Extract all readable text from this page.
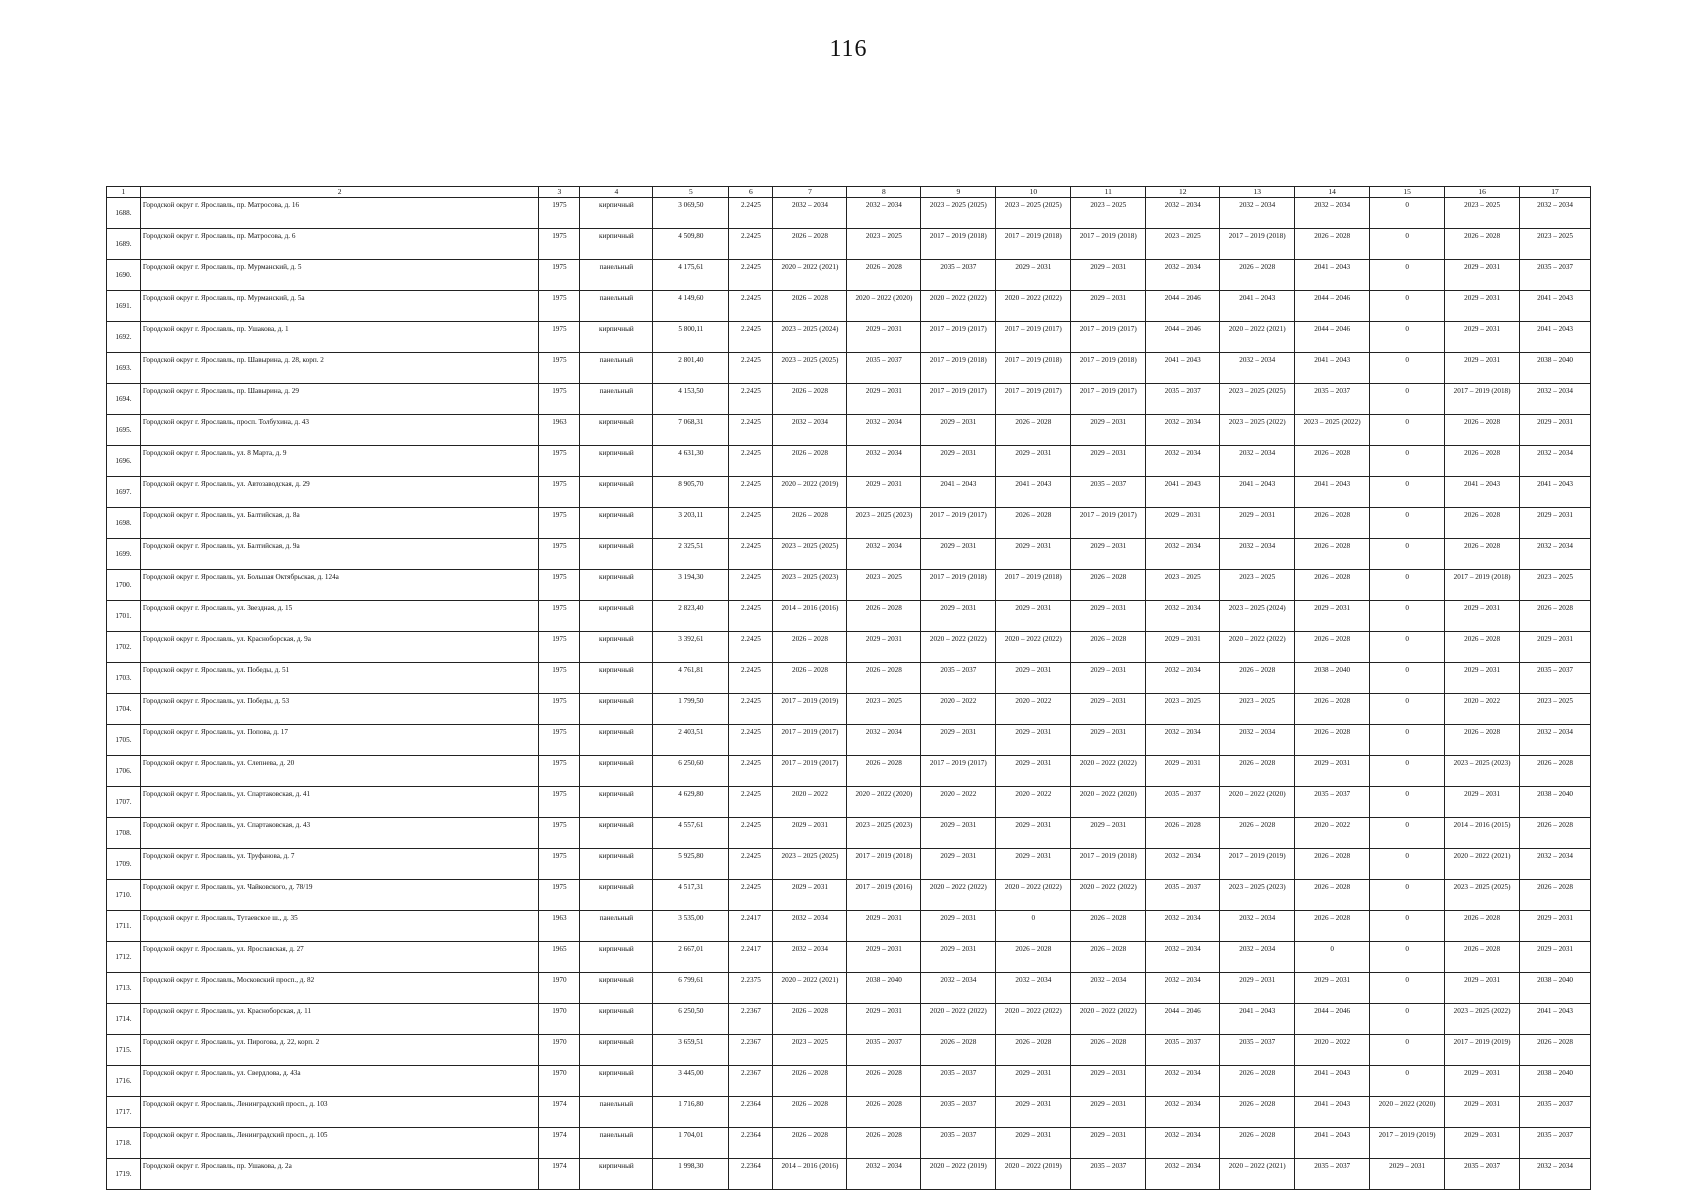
116
1	2	3	4	5	6	7	8	9	10	11	12	13	14	15	16	17
1688.	Городской округ г. Ярославль, пр. Матросова, д. 16	1975	кирпичный	3 069,50	2.2425	2032 – 2034	2032 – 2034	2023 – 2025 (2025)	2023 – 2025 (2025)	2023 – 2025	2032 – 2034	2032 – 2034	2032 – 2034	0	2023 – 2025	2032 – 2034
1689.	Городской округ г. Ярославль, пр. Матросова, д. 6	1975	кирпичный	4 509,80	2.2425	2026 – 2028	2023 – 2025	2017 – 2019 (2018)	2017 – 2019 (2018)	2017 – 2019 (2018)	2023 – 2025	2017 – 2019 (2018)	2026 – 2028	0	2026 – 2028	2023 – 2025
1690.	Городской округ г. Ярославль, пр. Мурманский, д. 5	1975	панельный	4 175,61	2.2425	2020 – 2022 (2021)	2026 – 2028	2035 – 2037	2029 – 2031	2029 – 2031	2032 – 2034	2026 – 2028	2041 – 2043	0	2029 – 2031	2035 – 2037
1691.	Городской округ г. Ярославль, пр. Мурманский, д. 5а	1975	панельный	4 149,60	2.2425	2026 – 2028	2020 – 2022 (2020)	2020 – 2022 (2022)	2020 – 2022 (2022)	2029 – 2031	2044 – 2046	2041 – 2043	2044 – 2046	0	2029 – 2031	2041 – 2043
1692.	Городской округ г. Ярославль, пр. Ушакова, д. 1	1975	кирпичный	5 800,11	2.2425	2023 – 2025 (2024)	2029 – 2031	2017 – 2019 (2017)	2017 – 2019 (2017)	2017 – 2019 (2017)	2044 – 2046	2020 – 2022 (2021)	2044 – 2046	0	2029 – 2031	2041 – 2043
1693.	Городской округ г. Ярославль, пр. Шавырина, д. 28, корп. 2	1975	панельный	2 801,40	2.2425	2023 – 2025 (2025)	2035 – 2037	2017 – 2019 (2018)	2017 – 2019 (2018)	2017 – 2019 (2018)	2041 – 2043	2032 – 2034	2041 – 2043	0	2029 – 2031	2038 – 2040
1694.	Городской округ г. Ярославль, пр. Шавырина, д. 29	1975	панельный	4 153,50	2.2425	2026 – 2028	2029 – 2031	2017 – 2019 (2017)	2017 – 2019 (2017)	2017 – 2019 (2017)	2035 – 2037	2023 – 2025 (2025)	2035 – 2037	0	2017 – 2019 (2018)	2032 – 2034
1695.	Городской округ г. Ярославль, просп. Толбухина, д. 43	1963	кирпичный	7 068,31	2.2425	2032 – 2034	2032 – 2034	2029 – 2031	2026 – 2028	2029 – 2031	2032 – 2034	2023 – 2025 (2022)	2023 – 2025 (2022)	0	2026 – 2028	2029 – 2031
1696.	Городской округ г. Ярославль, ул. 8 Марта, д. 9	1975	кирпичный	4 631,30	2.2425	2026 – 2028	2032 – 2034	2029 – 2031	2029 – 2031	2029 – 2031	2032 – 2034	2032 – 2034	2026 – 2028	0	2026 – 2028	2032 – 2034
1697.	Городской округ г. Ярославль, ул. Автозаводская, д. 29	1975	кирпичный	8 905,70	2.2425	2020 – 2022 (2019)	2029 – 2031	2041 – 2043	2041 – 2043	2035 – 2037	2041 – 2043	2041 – 2043	2041 – 2043	0	2041 – 2043	2041 – 2043
1698.	Городской округ г. Ярославль, ул. Балтийская, д. 8а	1975	кирпичный	3 203,11	2.2425	2026 – 2028	2023 – 2025 (2023)	2017 – 2019 (2017)	2026 – 2028	2017 – 2019 (2017)	2029 – 2031	2029 – 2031	2026 – 2028	0	2026 – 2028	2029 – 2031
1699.	Городской округ г. Ярославль, ул. Балтийская, д. 9а	1975	кирпичный	2 325,51	2.2425	2023 – 2025 (2025)	2032 – 2034	2029 – 2031	2029 – 2031	2029 – 2031	2032 – 2034	2032 – 2034	2026 – 2028	0	2026 – 2028	2032 – 2034
1700.	Городской округ г. Ярославль, ул. Большая Октябрьская, д. 124а	1975	кирпичный	3 194,30	2.2425	2023 – 2025 (2023)	2023 – 2025	2017 – 2019 (2018)	2017 – 2019 (2018)	2026 – 2028	2023 – 2025	2023 – 2025	2026 – 2028	0	2017 – 2019 (2018)	2023 – 2025
1701.	Городской округ г. Ярославль, ул. Звездная, д. 15	1975	кирпичный	2 823,40	2.2425	2014 – 2016 (2016)	2026 – 2028	2029 – 2031	2029 – 2031	2029 – 2031	2032 – 2034	2023 – 2025 (2024)	2029 – 2031	0	2029 – 2031	2026 – 2028
1702.	Городской округ г. Ярославль, ул. Красноборская, д. 9а	1975	кирпичный	3 392,61	2.2425	2026 – 2028	2029 – 2031	2020 – 2022 (2022)	2020 – 2022 (2022)	2026 – 2028	2029 – 2031	2020 – 2022 (2022)	2026 – 2028	0	2026 – 2028	2029 – 2031
1703.	Городской округ г. Ярославль, ул. Победы, д. 51	1975	кирпичный	4 761,81	2.2425	2026 – 2028	2026 – 2028	2035 – 2037	2029 – 2031	2029 – 2031	2032 – 2034	2026 – 2028	2038 – 2040	0	2029 – 2031	2035 – 2037
1704.	Городской округ г. Ярославль, ул. Победы, д. 53	1975	кирпичный	1 799,50	2.2425	2017 – 2019 (2019)	2023 – 2025	2020 – 2022	2020 – 2022	2029 – 2031	2023 – 2025	2023 – 2025	2026 – 2028	0	2020 – 2022	2023 – 2025
1705.	Городской округ г. Ярославль, ул. Попова, д. 17	1975	кирпичный	2 403,51	2.2425	2017 – 2019 (2017)	2032 – 2034	2029 – 2031	2029 – 2031	2029 – 2031	2032 – 2034	2032 – 2034	2026 – 2028	0	2026 – 2028	2032 – 2034
1706.	Городской округ г. Ярославль, ул. Слепнева, д. 20	1975	кирпичный	6 250,60	2.2425	2017 – 2019 (2017)	2026 – 2028	2017 – 2019 (2017)	2029 – 2031	2020 – 2022 (2022)	2029 – 2031	2026 – 2028	2029 – 2031	0	2023 – 2025 (2023)	2026 – 2028
1707.	Городской округ г. Ярославль, ул. Спартаковская, д. 41	1975	кирпичный	4 629,80	2.2425	2020 – 2022	2020 – 2022 (2020)	2020 – 2022	2020 – 2022	2020 – 2022 (2020)	2035 – 2037	2020 – 2022 (2020)	2035 – 2037	0	2029 – 2031	2038 – 2040
1708.	Городской округ г. Ярославль, ул. Спартаковская, д. 43	1975	кирпичный	4 557,61	2.2425	2029 – 2031	2023 – 2025 (2023)	2029 – 2031	2029 – 2031	2029 – 2031	2026 – 2028	2026 – 2028	2020 – 2022	0	2014 – 2016 (2015)	2026 – 2028
1709.	Городской округ г. Ярославль, ул. Труфанова, д. 7	1975	кирпичный	5 925,80	2.2425	2023 – 2025 (2025)	2017 – 2019 (2018)	2029 – 2031	2029 – 2031	2017 – 2019 (2018)	2032 – 2034	2017 – 2019 (2019)	2026 – 2028	0	2020 – 2022 (2021)	2032 – 2034
1710.	Городской округ г. Ярославль, ул. Чайковского, д. 78/19	1975	кирпичный	4 517,31	2.2425	2029 – 2031	2017 – 2019 (2016)	2020 – 2022 (2022)	2020 – 2022 (2022)	2020 – 2022 (2022)	2035 – 2037	2023 – 2025 (2023)	2026 – 2028	0	2023 – 2025 (2025)	2026 – 2028
1711.	Городской округ г. Ярославль, Тутаевское ш., д. 35	1963	панельный	3 535,00	2.2417	2032 – 2034	2029 – 2031	2029 – 2031	0	2026 – 2028	2032 – 2034	2032 – 2034	2026 – 2028	0	2026 – 2028	2029 – 2031
1712.	Городской округ г. Ярославль, ул. Ярославская, д. 27	1965	кирпичный	2 667,01	2.2417	2032 – 2034	2029 – 2031	2029 – 2031	2026 – 2028	2026 – 2028	2032 – 2034	2032 – 2034	0	0	2026 – 2028	2029 – 2031
1713.	Городской округ г. Ярославль, Московский просп., д. 82	1970	кирпичный	6 799,61	2.2375	2020 – 2022 (2021)	2038 – 2040	2032 – 2034	2032 – 2034	2032 – 2034	2032 – 2034	2029 – 2031	2029 – 2031	0	2029 – 2031	2038 – 2040
1714.	Городской округ г. Ярославль, ул. Красноборская, д. 11	1970	кирпичный	6 250,50	2.2367	2026 – 2028	2029 – 2031	2020 – 2022 (2022)	2020 – 2022 (2022)	2020 – 2022 (2022)	2044 – 2046	2041 – 2043	2044 – 2046	0	2023 – 2025 (2022)	2041 – 2043
1715.	Городской округ г. Ярославль, ул. Пирогова, д. 22, корп. 2	1970	кирпичный	3 659,51	2.2367	2023 – 2025	2035 – 2037	2026 – 2028	2026 – 2028	2026 – 2028	2035 – 2037	2035 – 2037	2020 – 2022	0	2017 – 2019 (2019)	2026 – 2028
1716.	Городской округ г. Ярославль, ул. Свердлова, д. 43а	1970	кирпичный	3 445,00	2.2367	2026 – 2028	2026 – 2028	2035 – 2037	2029 – 2031	2029 – 2031	2032 – 2034	2026 – 2028	2041 – 2043	0	2029 – 2031	2038 – 2040
1717.	Городской округ г. Ярославль, Ленинградский просп., д. 103	1974	панельный	1 716,80	2.2364	2026 – 2028	2026 – 2028	2035 – 2037	2029 – 2031	2029 – 2031	2032 – 2034	2026 – 2028	2041 – 2043	2020 – 2022 (2020)	2029 – 2031	2035 – 2037
1718.	Городской округ г. Ярославль, Ленинградский просп., д. 105	1974	панельный	1 704,01	2.2364	2026 – 2028	2026 – 2028	2035 – 2037	2029 – 2031	2029 – 2031	2032 – 2034	2026 – 2028	2041 – 2043	2017 – 2019 (2019)	2029 – 2031	2035 – 2037
1719.	Городской округ г. Ярославль, пр. Ушакова, д. 2а	1974	кирпичный	1 998,30	2.2364	2014 – 2016 (2016)	2032 – 2034	2020 – 2022 (2019)	2020 – 2022 (2019)	2035 – 2037	2032 – 2034	2020 – 2022 (2021)	2035 – 2037	2029 – 2031	2035 – 2037	2032 – 2034
